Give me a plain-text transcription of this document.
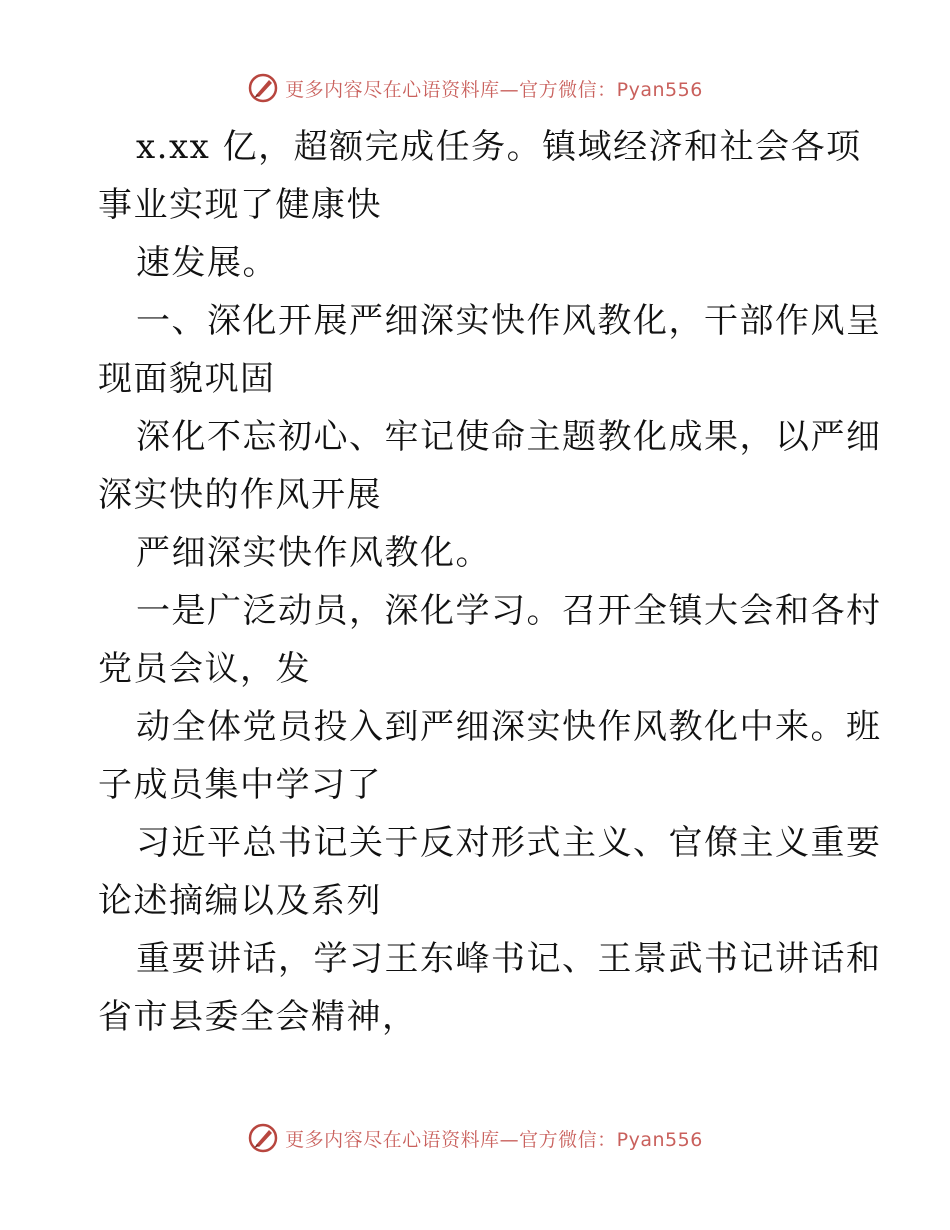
更多内容尽在心语资料库—官方微信：Pyan556
x.xx 亿，超额完成任务。镇域经济和社会各项
事业实现了健康快
速发展。
一、深化开展严细深实快作风教化，干部作风呈
现面貌巩固
深化不忘初心、牢记使命主题教化成果，以严细
深实快的作风开展
严细深实快作风教化。
一是广泛动员，深化学习。召开全镇大会和各村
党员会议，发
动全体党员投入到严细深实快作风教化中来。班
子成员集中学习了
习近平总书记关于反对形式主义、官僚主义重要
论述摘编以及系列
重要讲话，学习王东峰书记、王景武书记讲话和
省市县委全会精神，
更多内容尽在心语资料库—官方微信：Pyan556
